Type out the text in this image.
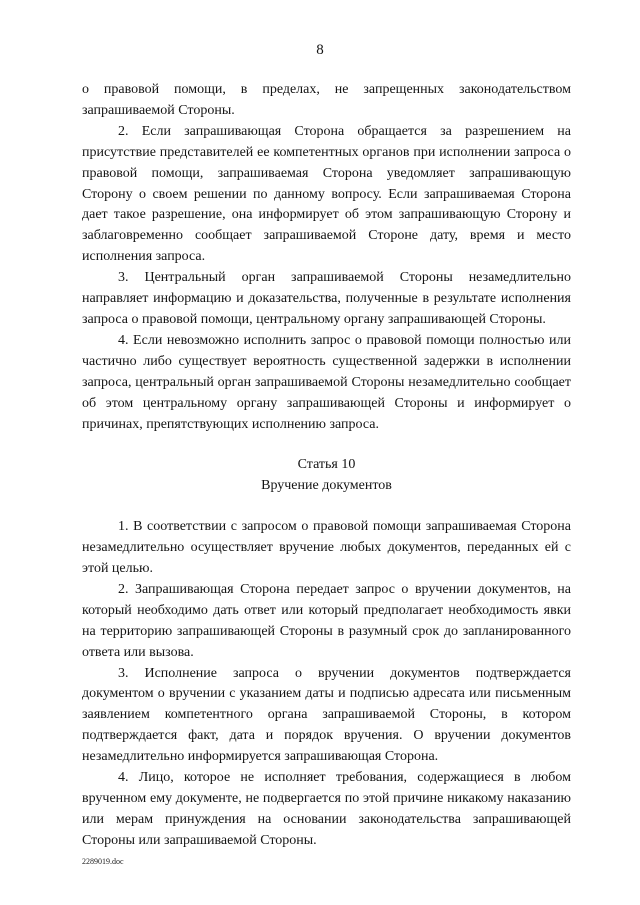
8

о правовой помощи, в пределах, не запрещенных законодательством запрашиваемой Стороны.

2. Если запрашивающая Сторона обращается за разрешением на присутствие представителей ее компетентных органов при исполнении запроса о правовой помощи, запрашиваемая Сторона уведомляет запрашивающую Сторону о своем решении по данному вопросу. Если запрашиваемая Сторона дает такое разрешение, она информирует об этом запрашивающую Сторону и заблаговременно сообщает запрашиваемой Стороне дату, время и место исполнения запроса.

3. Центральный орган запрашиваемой Стороны незамедлительно направляет информацию и доказательства, полученные в результате исполнения запроса о правовой помощи, центральному органу запрашивающей Стороны.

4. Если невозможно исполнить запрос о правовой помощи полностью или частично либо существует вероятность существенной задержки в исполнении запроса, центральный орган запрашиваемой Стороны незамедлительно сообщает об этом центральному органу запрашивающей Стороны и информирует о причинах, препятствующих исполнению запроса.

Статья 10

Вручение документов

1. В соответствии с запросом о правовой помощи запрашиваемая Сторона незамедлительно осуществляет вручение любых документов, переданных ей с этой целью.

2. Запрашивающая Сторона передает запрос о вручении документов, на который необходимо дать ответ или который предполагает необходимость явки на территорию запрашивающей Стороны в разумный срок до запланированного ответа или вызова.

3. Исполнение запроса о вручении документов подтверждается документом о вручении с указанием даты и подписью адресата или письменным заявлением компетентного органа запрашиваемой Стороны, в котором подтверждается факт, дата и порядок вручения. О вручении документов незамедлительно информируется запрашивающая Сторона.

4. Лицо, которое не исполняет требования, содержащиеся в любом врученном ему документе, не подвергается по этой причине никакому наказанию или мерам принуждения на основании законодательства запрашивающей Стороны или запрашиваемой Стороны.

2289019.doc
